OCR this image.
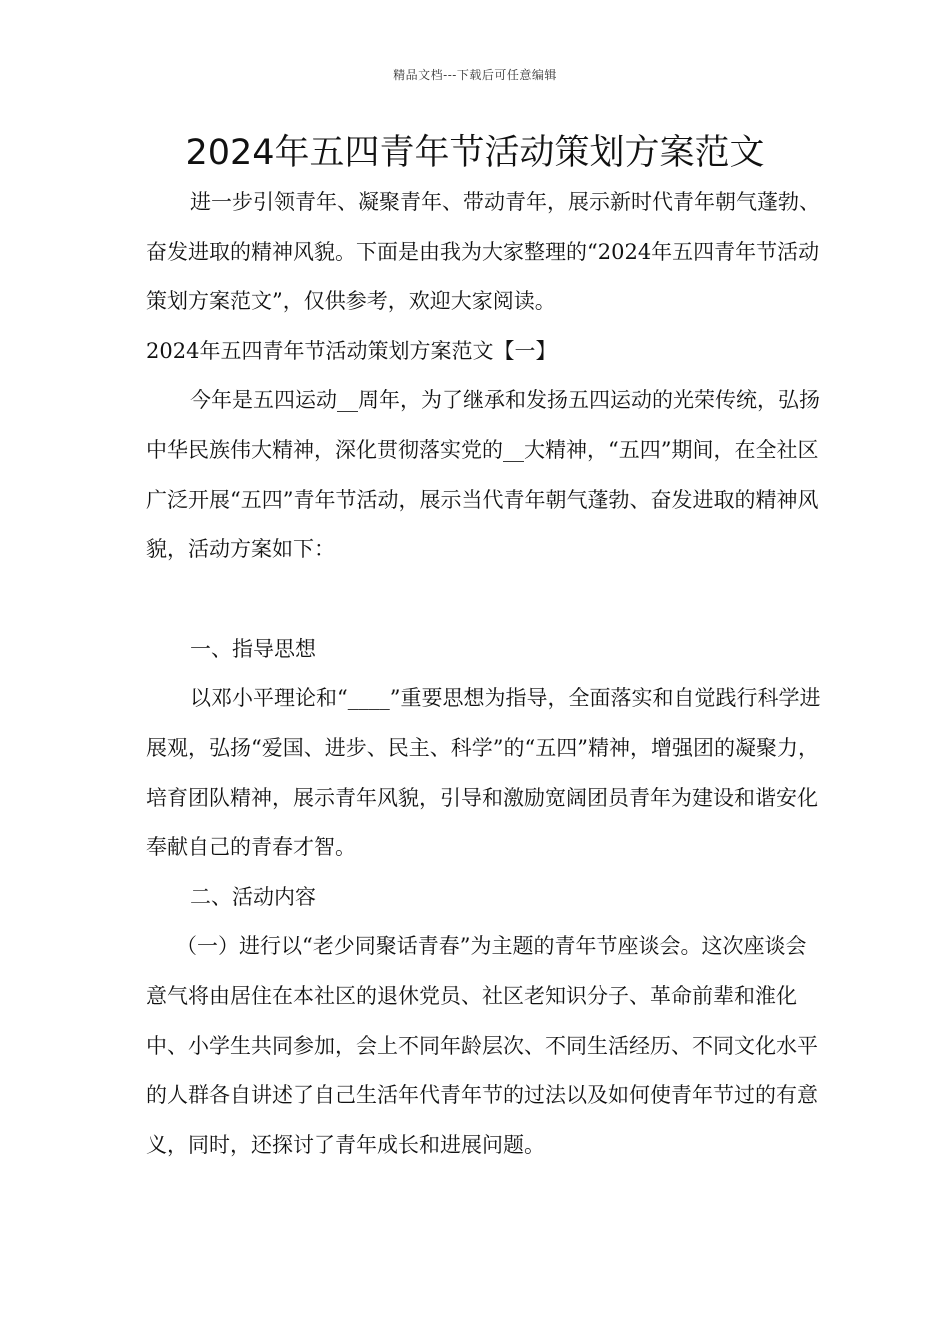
精品文档---下载后可任意编辑
2024年五四青年节活动策划方案范文

进一步引领青年、凝聚青年、带动青年，展示新时代青年朝气蓬勃、奋发进取的精神风貌。下面是由我为大家整理的“2024年五四青年节活动策划方案范文”，仅供参考，欢迎大家阅读。

2024年五四青年节活动策划方案范文【一】

今年是五四运动__周年，为了继承和发扬五四运动的光荣传统，弘扬中华民族伟大精神，深化贯彻落实党的__大精神，“五四”期间，在全社区广泛开展“五四”青年节活动，展示当代青年朝气蓬勃、奋发进取的精神风貌，活动方案如下：

一、指导思想

以邓小平理论和“____”重要思想为指导，全面落实和自觉践行科学进展观，弘扬“爱国、进步、民主、科学”的“五四”精神，增强团的凝聚力，培育团队精神，展示青年风貌，引导和激励宽阔团员青年为建设和谐安化奉献自己的青春才智。

二、活动内容

（一）进行以“老少同聚话青春”为主题的青年节座谈会。这次座谈会意气将由居住在本社区的退休党员、社区老知识分子、革命前辈和淮化中、小学生共同参加，会上不同年龄层次、不同生活经历、不同文化水平的人群各自讲述了自己生活年代青年节的过法以及如何使青年节过的有意义，同时，还探讨了青年成长和进展问题。
